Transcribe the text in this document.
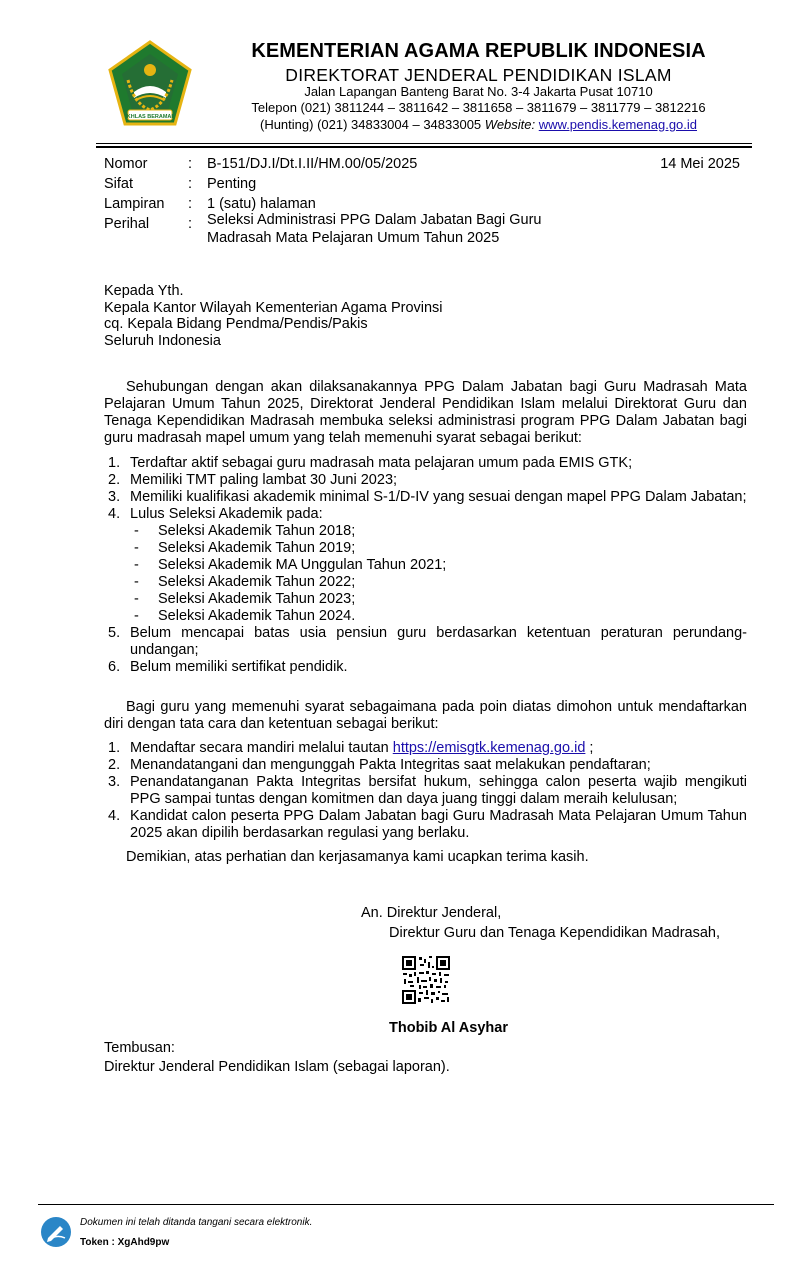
IKHLAS BERAMAL
KEMENTERIAN AGAMA REPUBLIK INDONESIA
DIREKTORAT JENDERAL PENDIDIKAN ISLAM
Jalan Lapangan Banteng Barat No. 3-4 Jakarta Pusat 10710
Telepon (021) 3811244 – 3811642 – 3811658 – 3811679 – 3811779 – 3812216
(Hunting) (021) 34833004 – 34833005 Website: www.pendis.kemenag.go.id
Nomor	: B-151/DJ.I/Dt.I.II/HM.00/05/2025	14 Mei 2025
Sifat	: Penting
Lampiran : 1 (satu) halaman
Perihal	: Seleksi Administrasi PPG Dalam Jabatan Bagi Guru
Madrasah Mata Pelajaran Umum Tahun 2025
Kepada Yth.
Kepala Kantor Wilayah Kementerian Agama Provinsi
cq. Kepala Bidang Pendma/Pendis/Pakis
Seluruh Indonesia
Sehubungan dengan akan dilaksanakannya PPG Dalam Jabatan bagi Guru Madrasah Mata Pelajaran Umum Tahun 2025, Direktorat Jenderal Pendidikan Islam melalui Direktorat Guru dan Tenaga Kependidikan Madrasah membuka seleksi administrasi program PPG Dalam Jabatan bagi guru madrasah mapel umum yang telah memenuhi syarat sebagai berikut:
1. Terdaftar aktif sebagai guru madrasah mata pelajaran umum pada EMIS GTK;
2. Memiliki TMT paling lambat 30 Juni 2023;
3. Memiliki kualifikasi akademik minimal S-1/D-IV yang sesuai dengan mapel PPG Dalam Jabatan;
4. Lulus Seleksi Akademik pada:
- Seleksi Akademik Tahun 2018;
- Seleksi Akademik Tahun 2019;
- Seleksi Akademik MA Unggulan Tahun 2021;
- Seleksi Akademik Tahun 2022;
- Seleksi Akademik Tahun 2023;
- Seleksi Akademik Tahun 2024.
5. Belum mencapai batas usia pensiun guru berdasarkan ketentuan peraturan perundang-undangan;
6. Belum memiliki sertifikat pendidik.
Bagi guru yang memenuhi syarat sebagaimana pada poin diatas dimohon untuk mendaftarkan diri dengan tata cara dan ketentuan sebagai berikut:
1. Mendaftar secara mandiri melalui tautan https://emisgtk.kemenag.go.id ;
2. Menandatangani dan mengunggah Pakta Integritas saat melakukan pendaftaran;
3. Penandatanganan Pakta Integritas bersifat hukum, sehingga calon peserta wajib mengikuti PPG sampai tuntas dengan komitmen dan daya juang tinggi dalam meraih kelulusan;
4. Kandidat calon peserta PPG Dalam Jabatan bagi Guru Madrasah Mata Pelajaran Umum Tahun 2025 akan dipilih berdasarkan regulasi yang berlaku.
Demikian, atas perhatian dan kerjasamanya kami ucapkan terima kasih.
An. Direktur Jenderal,
Direktur Guru dan Tenaga Kependidikan Madrasah,
Thobib Al Asyhar
Tembusan:
Direktur Jenderal Pendidikan Islam (sebagai laporan).
Dokumen ini telah ditanda tangani secara elektronik.
Token : XgAhd9pw
